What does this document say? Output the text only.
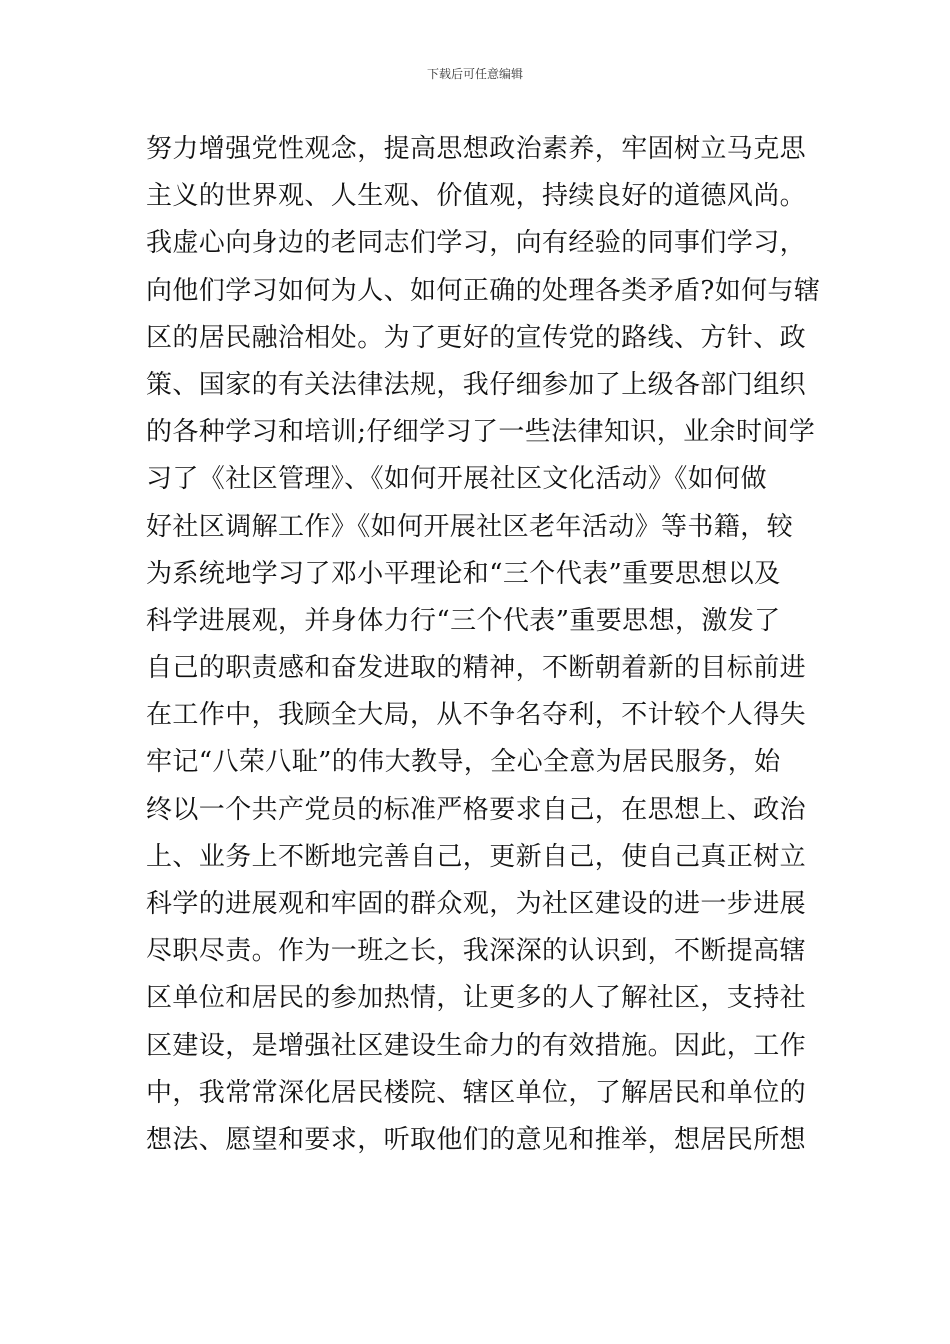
下载后可任意编辑
努力增强党性观念，提高思想政治素养，牢固树立马克思
主义的世界观、人生观、价值观，持续良好的道德风尚。
我虚心向身边的老同志们学习，向有经验的同事们学习，
向他们学习如何为人、如何正确的处理各类矛盾?如何与辖
区的居民融洽相处。为了更好的宣传党的路线、方针、政
策、国家的有关法律法规，我仔细参加了上级各部门组织
的各种学习和培训;仔细学习了一些法律知识，业余时间学
习了《社区管理》、《如何开展社区文化活动》《如何做
好社区调解工作》《如何开展社区老年活动》等书籍，较
为系统地学习了邓小平理论和“三个代表”重要思想以及
科学进展观，并身体力行“三个代表”重要思想，激发了
自己的职责感和奋发进取的精神，不断朝着新的目标前进
在工作中，我顾全大局，从不争名夺利，不计较个人得失
牢记“八荣八耻”的伟大教导，全心全意为居民服务，始
终以一个共产党员的标准严格要求自己，在思想上、政治
上、业务上不断地完善自己，更新自己，使自己真正树立
科学的进展观和牢固的群众观，为社区建设的进一步进展
尽职尽责。作为一班之长，我深深的认识到，不断提高辖
区单位和居民的参加热情，让更多的人了解社区，支持社
区建设，是增强社区建设生命力的有效措施。因此，工作
中，我常常深化居民楼院、辖区单位，了解居民和单位的
想法、愿望和要求，听取他们的意见和推举，想居民所想
